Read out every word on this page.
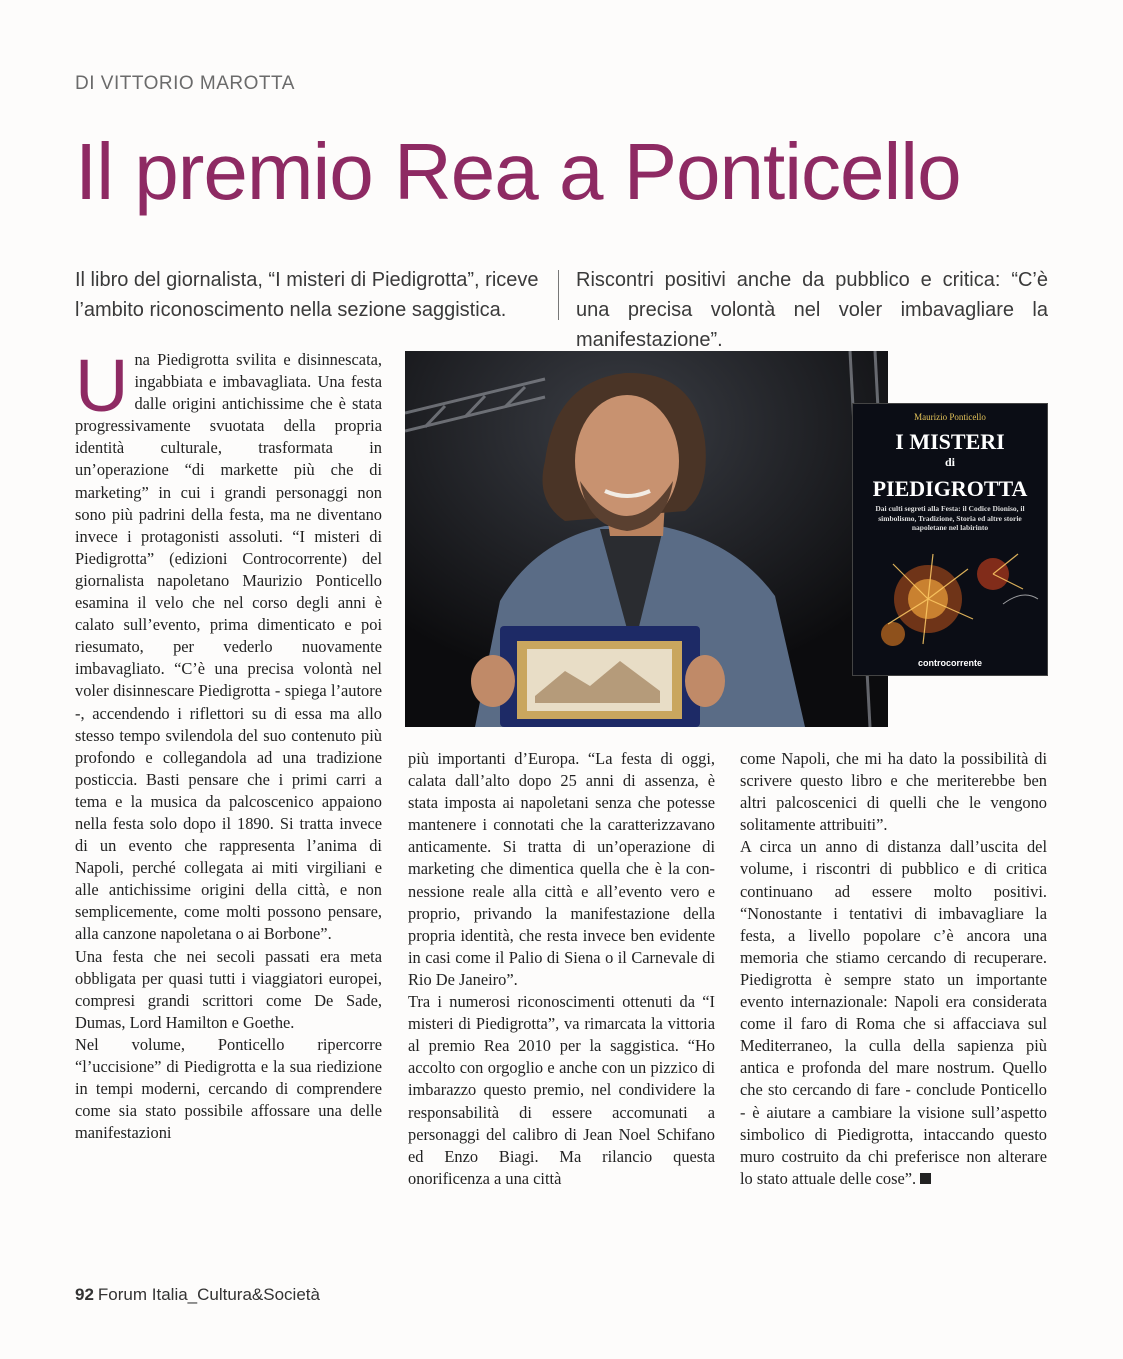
DI VITTORIO MAROTTA
Il premio Rea a Ponticello
Il libro del giornalista, “I misteri di Piedigrotta”, riceve l’ambito riconoscimento nella sezione saggistica.
Riscontri positivi anche da pubblico e critica: “C’è una precisa volontà nel voler imbavagliare la manifestazione”.
Maurizio Ponticello
I MISTERI
di
PIEDIGROTTA
Dai culti segreti alla Festa: il Codice Dioniso, il simbolismo, Tradizione, Storia ed altre storie napoletane nel labirinto
controcorrente

Una Piedigrotta svilita e disinnescata, ingabbiata e imbavagliata. Una festa dalle origini antichissime che è stata progressivamente svuotata della propria identità culturale, trasformata in un’operazione “di markette più che di marketing” in cui i grandi personaggi non sono più padrini della festa, ma ne diventano invece i protagonisti assoluti. “I misteri di Piedigrotta” (edizioni Controcorrente) del giornalista napoletano Maurizio Ponticello esamina il velo che nel corso degli anni è calato sull’evento, prima dimenticato e poi riesumato, per vederlo nuovamente imbavagliato. “C’è una precisa volontà nel voler disinnescare Piedigrotta - spiega l’autore -, accendendo i riflettori su di essa ma allo stesso tempo svilendola del suo contenuto più profondo e collegandola ad una tradizione posticcia. Basti pensare che i primi carri a tema e la musica da palcoscenico appaiono nella festa solo dopo il 1890. Si tratta invece di un evento che rappresenta l’anima di Napoli, perché collegata ai miti virgiliani e alle antichissime origini della città, e non semplicemente, come molti possono pensare, alla canzone napoletana o ai Borbone”.

Una festa che nei secoli passati era meta obbligata per quasi tutti i viaggiatori europei, compresi grandi scrittori come De Sade, Dumas, Lord Hamilton e Goethe.

Nel volume, Ponticello ripercorre “l’uccisione” di Piedigrotta e la sua riedizione in tempi moderni, cercando di comprendere come sia stato possibile affossare una delle manifestazioni

più importanti d’Europa. “La festa di oggi, calata dall’alto dopo 25 anni di assenza, è stata imposta ai napoletani senza che potesse mantenere i connotati che la caratterizzavano anticamente. Si tratta di un’operazione di marketing che dimentica quella che è la connessione reale alla città e all’evento vero e proprio, privando la manifestazione della propria identità, che resta invece ben evidente in casi come il Palio di Siena o il Carnevale di Rio De Janeiro”.

Tra i numerosi riconoscimenti ottenuti da “I misteri di Piedigrotta”, va rimarcata la vittoria al premio Rea 2010 per la saggistica. “Ho accolto con orgoglio e anche con un pizzico di imbarazzo questo premio, nel condividere la responsabilità di essere accomunati a personaggi del calibro di Jean Noel Schifano ed Enzo Biagi. Ma rilancio questa onorificenza a una città

come Napoli, che mi ha dato la possibilità di scrivere questo libro e che meriterebbe ben altri palcoscenici di quelli che le vengono solitamente attribuiti”.

A circa un anno di distanza dall’uscita del volume, i riscontri di pubblico e di critica continuano ad essere molto positivi. “Nonostante i tentativi di imbavagliare la festa, a livello popolare c’è ancora una memoria che stiamo cercando di recuperare. Piedigrotta è sempre stato un importante evento internazionale: Napoli era considerata come il faro di Roma che si affacciava sul Mediterraneo, la culla della sapienza più antica e profonda del mare nostrum. Quello che sto cercando di fare - conclude Ponticello - è aiutare a cambiare la visione sull’aspetto simbolico di Piedigrotta, intaccando questo muro costruito da chi preferisce non alterare lo stato attuale delle cose”.

92 Forum Italia_Cultura&Società
